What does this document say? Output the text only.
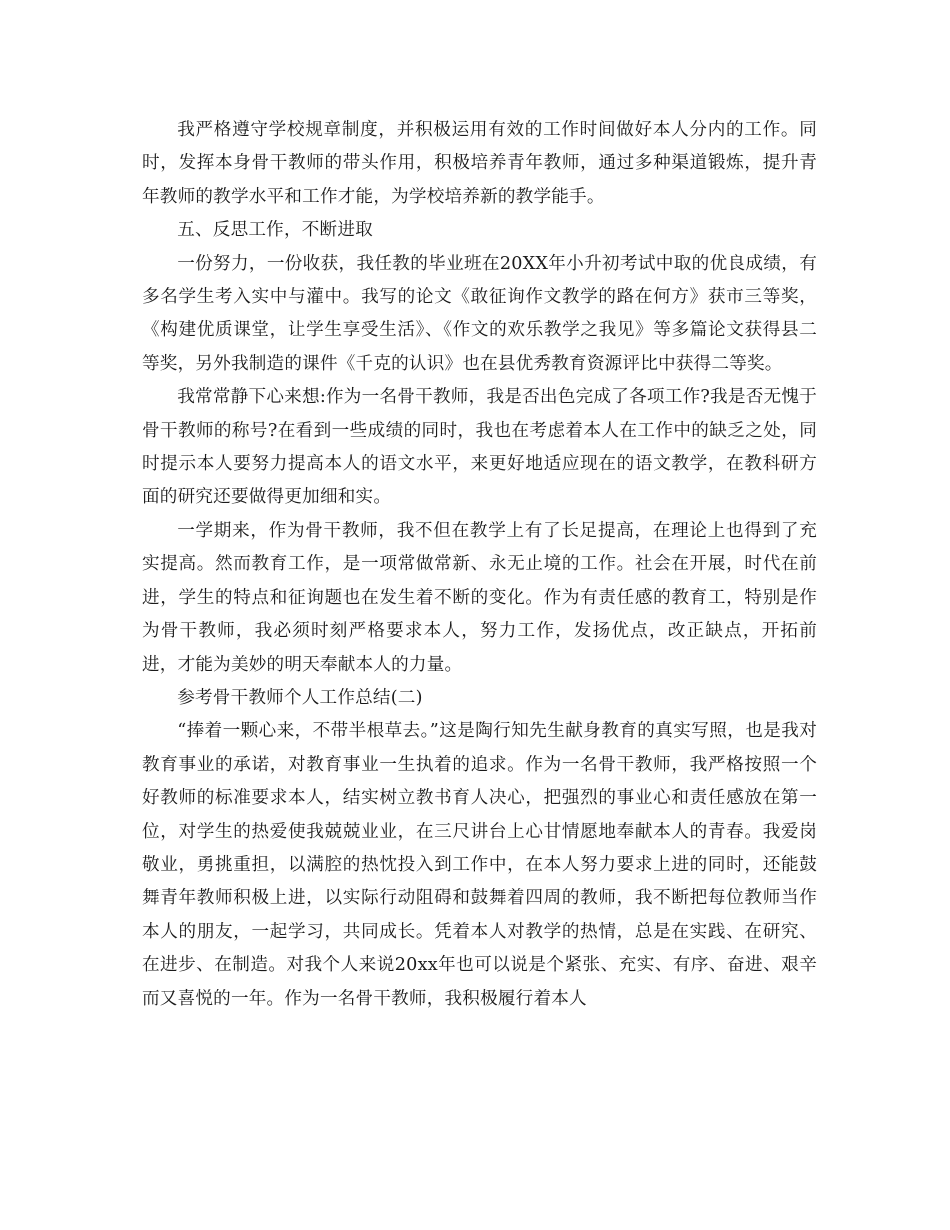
我严格遵守学校规章制度，并积极运用有效的工作时间做好本人分内的工作。同时，发挥本身骨干教师的带头作用，积极培养青年教师，通过多种渠道锻炼，提升青年教师的教学水平和工作才能，为学校培养新的教学能手。

五、反思工作，不断进取

一份努力，一份收获，我任教的毕业班在20XX年小升初考试中取的优良成绩，有多名学生考入实中与灌中。我写的论文《敢征询作文教学的路在何方》获市三等奖，《构建优质课堂，让学生享受生活》、《作文的欢乐教学之我见》等多篇论文获得县二等奖，另外我制造的课件《千克的认识》也在县优秀教育资源评比中获得二等奖。

我常常静下心来想:作为一名骨干教师，我是否出色完成了各项工作?我是否无愧于骨干教师的称号?在看到一些成绩的同时，我也在考虑着本人在工作中的缺乏之处，同时提示本人要努力提高本人的语文水平，来更好地适应现在的语文教学，在教科研方面的研究还要做得更加细和实。

一学期来，作为骨干教师，我不但在教学上有了长足提高，在理论上也得到了充实提高。然而教育工作，是一项常做常新、永无止境的工作。社会在开展，时代在前进，学生的特点和征询题也在发生着不断的变化。作为有责任感的教育工，特别是作为骨干教师，我必须时刻严格要求本人，努力工作，发扬优点，改正缺点，开拓前进，才能为美妙的明天奉献本人的力量。

参考骨干教师个人工作总结(二)

“捧着一颗心来，不带半根草去。”这是陶行知先生献身教育的真实写照，也是我对教育事业的承诺，对教育事业一生执着的追求。作为一名骨干教师，我严格按照一个好教师的标准要求本人，结实树立教书育人决心，把强烈的事业心和责任感放在第一位，对学生的热爱使我兢兢业业，在三尺讲台上心甘情愿地奉献本人的青春。我爱岗敬业，勇挑重担，以满腔的热忱投入到工作中，在本人努力要求上进的同时，还能鼓舞青年教师积极上进，以实际行动阻碍和鼓舞着四周的教师，我不断把每位教师当作本人的朋友，一起学习，共同成长。凭着本人对教学的热情，总是在实践、在研究、在进步、在制造。对我个人来说20xx年也可以说是个紧张、充实、有序、奋进、艰辛而又喜悦的一年。作为一名骨干教师，我积极履行着本人
